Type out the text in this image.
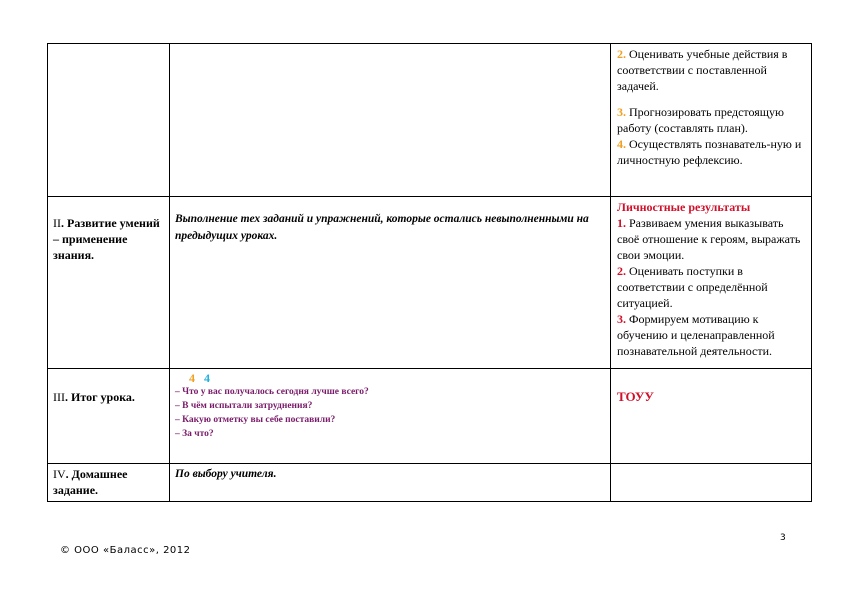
		2. Оценивать учебные действия в соответствии с поставленной задачей.
3. Прогнозировать предстоящую работу (составлять план).
4. Осуществлять познаватель-ную и личностную рефлексию.

II. Развитие умений – применение знания.	Выполнение тех заданий и упражнений, которые остались невыполненными на предыдущих уроках.	Личностные результаты
1. Развиваем умения выказывать своё отношение к героям, выражать свои эмоции.
2. Оценивать поступки в соответствии с определённой ситуацией.
3. Формируем мотивацию к обучению и целенаправленной познавательной деятельности.

III. Итог урока.	4 4
– Что у вас получалось сегодня лучше всего?
– В чём испытали затруднения?
– Какую отметку вы себе поставили?
– За что?	ТОУУ
IV. Домашнее задание.	По выбору учителя.	

3
© ООО «Баласс», 2012
